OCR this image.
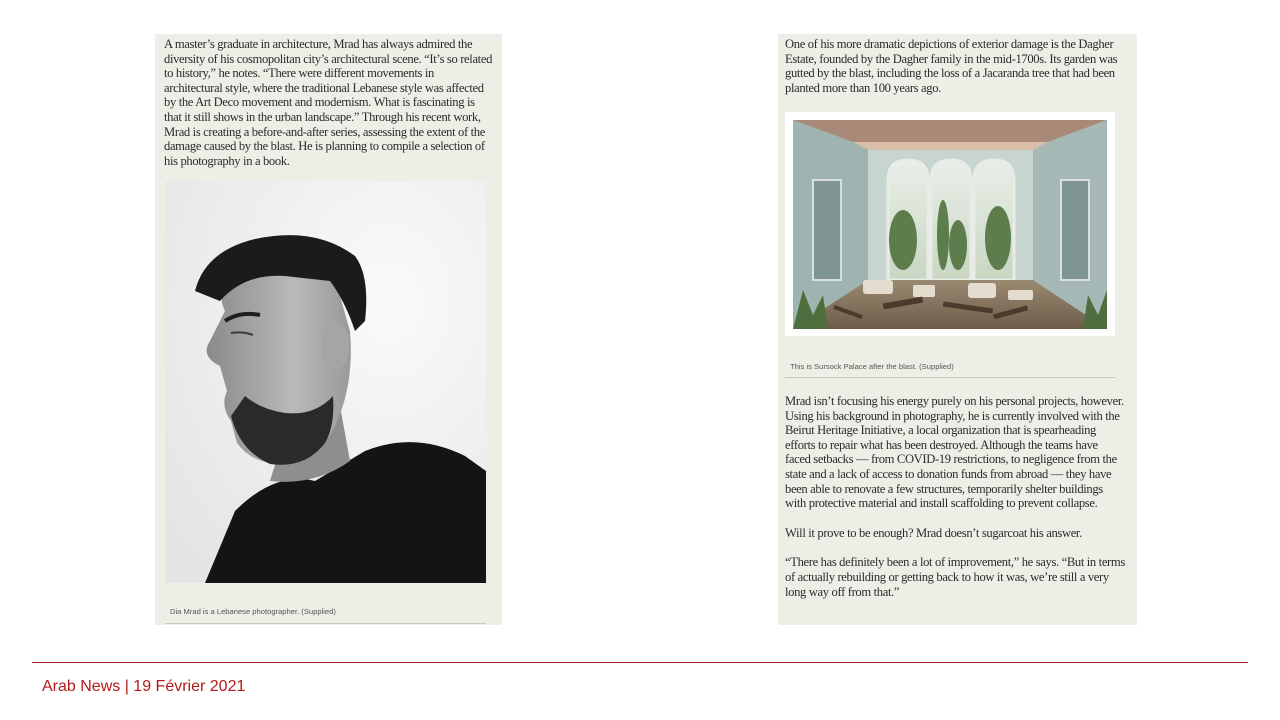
A master’s graduate in architecture, Mrad has always admired the diversity of his cosmopolitan city’s architectural scene. “It’s so related to history,” he notes. “There were different movements in architectural style, where the traditional Lebanese style was affected by the Art Deco movement and modernism. What is fascinating is that it still shows in the urban landscape.” Through his recent work, Mrad is creating a before-and-after series, assessing the extent of the damage caused by the blast. He is planning to compile a selection of his photography in a book.

Dia Mrad is a Lebanese photographer. (Supplied)

One of his more dramatic depictions of exterior damage is the Dagher Estate, founded by the Dagher family in the mid-1700s. Its garden was gutted by the blast, including the loss of a Jacaranda tree that had been planted more than 100 years ago.

This is Sursock Palace after the blast. (Supplied)

Mrad isn’t focusing his energy purely on his personal projects, however. Using his background in photography, he is currently involved with the Beirut Heritage Initiative, a local organization that is spearheading efforts to repair what has been destroyed. Although the teams have faced setbacks — from COVID-19 restrictions, to negligence from the state and a lack of access to donation funds from abroad — they have been able to renovate a few structures, temporarily shelter buildings with protective material and install scaffolding to prevent collapse.

Will it prove to be enough? Mrad doesn’t sugarcoat his answer.

“There has definitely been a lot of improvement,” he says. “But in terms of actually rebuilding or getting back to how it was, we’re still a very long way off from that.”

Arab News | 19 Février 2021
